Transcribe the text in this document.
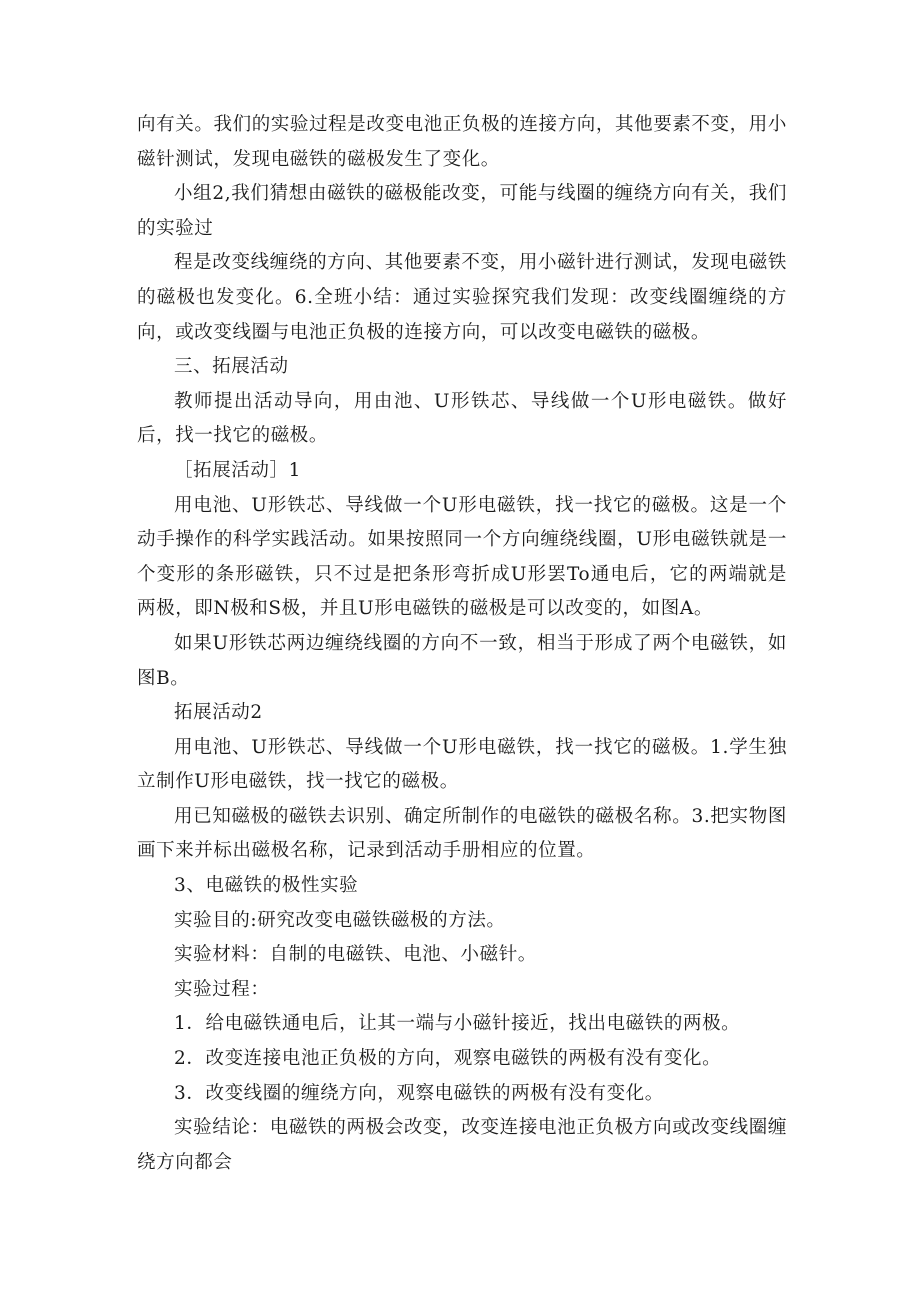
向有关。我们的实验过程是改变电池正负极的连接方向，其他要素不变，用小磁针测试，发现电磁铁的磁极发生了变化。

小组2,我们猜想由磁铁的磁极能改变，可能与线圈的缠绕方向有关，我们的实验过

程是改变线缠绕的方向、其他要素不变，用小磁针进行测试，发现电磁铁的磁极也发变化。6.全班小结：通过实验探究我们发现：改变线圈缠绕的方向，或改变线圈与电池正负极的连接方向，可以改变电磁铁的磁极。

三、拓展活动

教师提出活动导向，用由池、U形铁芯、导线做一个U形电磁铁。做好后，找一找它的磁极。

［拓展活动］1

用电池、U形铁芯、导线做一个U形电磁铁，找一找它的磁极。这是一个动手操作的科学实践活动。如果按照同一个方向缠绕线圈，U形电磁铁就是一个变形的条形磁铁，只不过是把条形弯折成U形罢To通电后，它的两端就是两极，即N极和S极，并且U形电磁铁的磁极是可以改变的，如图A。

如果U形铁芯两边缠绕线圈的方向不一致，相当于形成了两个电磁铁，如图B。

拓展活动2

用电池、U形铁芯、导线做一个U形电磁铁，找一找它的磁极。1.学生独立制作U形电磁铁，找一找它的磁极。

用已知磁极的磁铁去识别、确定所制作的电磁铁的磁极名称。3.把实物图画下来并标出磁极名称，记录到活动手册相应的位置。

3、电磁铁的极性实验

实验目的:研究改变电磁铁磁极的方法。

实验材料：自制的电磁铁、电池、小磁针。

实验过程：

1．给电磁铁通电后，让其一端与小磁针接近，找出电磁铁的两极。

2．改变连接电池正负极的方向，观察电磁铁的两极有没有变化。

3．改变线圈的缠绕方向，观察电磁铁的两极有没有变化。

实验结论：电磁铁的两极会改变，改变连接电池正负极方向或改变线圈缠绕方向都会
